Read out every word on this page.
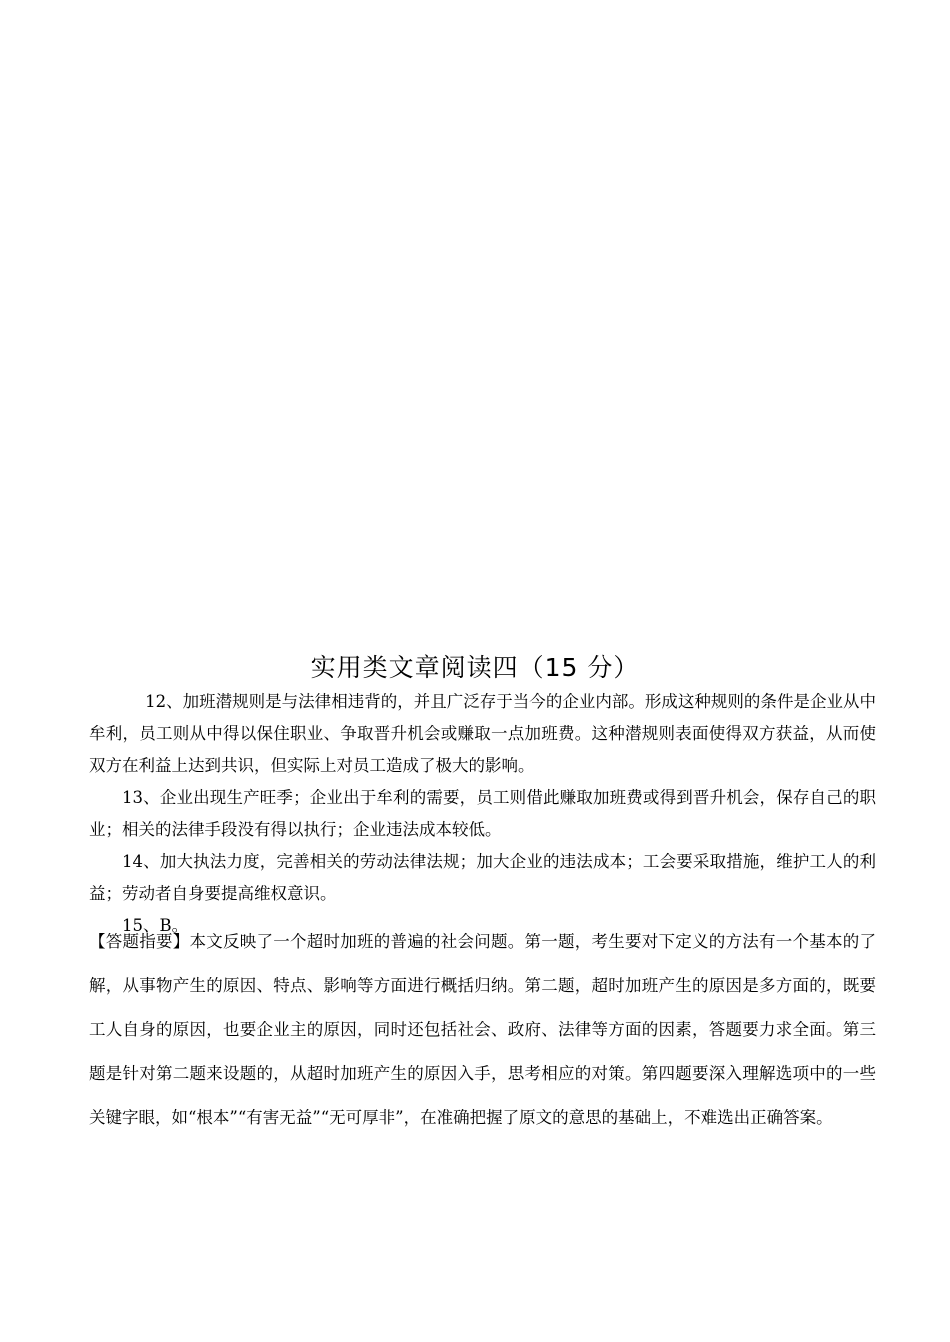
实用类文章阅读四（15 分）

12、加班潜规则是与法律相违背的，并且广泛存于当今的企业内部。形成这种规则的条件是企业从中牟利，员工则从中得以保住职业、争取晋升机会或赚取一点加班费。这种潜规则表面使得双方获益，从而使双方在利益上达到共识，但实际上对员工造成了极大的影响。

13、企业出现生产旺季；企业出于牟利的需要，员工则借此赚取加班费或得到晋升机会，保存自己的职业；相关的法律手段没有得以执行；企业违法成本较低。

14、加大执法力度，完善相关的劳动法律法规；加大企业的违法成本；工会要采取措施，维护工人的利益；劳动者自身要提高维权意识。

15、B。

【答题指要】本文反映了一个超时加班的普遍的社会问题。第一题，考生要对下定义的方法有一个基本的了解，从事物产生的原因、特点、影响等方面进行概括归纳。第二题，超时加班产生的原因是多方面的，既要工人自身的原因，也要企业主的原因，同时还包括社会、政府、法律等方面的因素，答题要力求全面。第三题是针对第二题来设题的，从超时加班产生的原因入手，思考相应的对策。第四题要深入理解选项中的一些关键字眼，如“根本”“有害无益”“无可厚非”，在准确把握了原文的意思的基础上，不难选出正确答案。
